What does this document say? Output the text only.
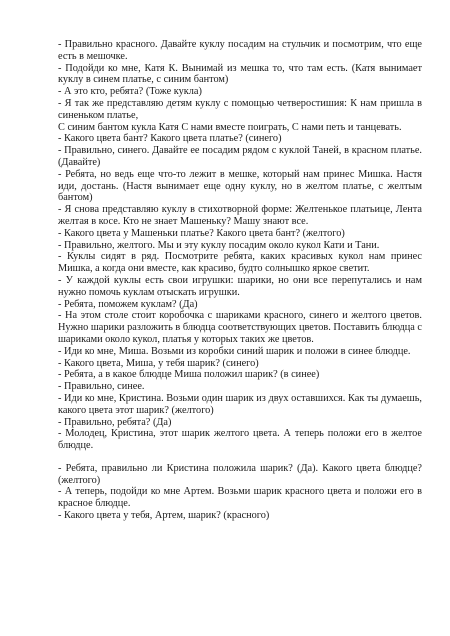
- Правильно красного. Давайте куклу посадим на стульчик и посмотрим, что еще есть в мешочке.

- Подойди ко мне, Катя К. Вынимай из мешка то, что там есть. (Катя вынимает куклу в синем платье, с синим бантом)

- А это кто, ребята? (Тоже кукла)

- Я так же представляю детям куклу с помощью четверостишия: К нам пришла в синеньком платье,

С синим бантом кукла Катя С нами вместе поиграть, С нами петь и танцевать.

- Какого цвета бант? Какого цвета платье? (синего)

- Правильно, синего. Давайте ее посадим рядом с куклой Таней, в красном платье. (Давайте)

- Ребята, но ведь еще что-то лежит в мешке, который нам принес Мишка. Настя иди, достань. (Настя вынимает еще одну куклу, но в желтом платье, с желтым бантом)

- Я снова представляю куклу в стихотворной форме: Желтенькое платьице, Лента желтая в косе. Кто не знает Машеньку? Машу знают все.

- Какого цвета у Машеньки платье? Какого цвета бант? (желтого)

- Правильно, желтого. Мы и эту куклу посадим около кукол Кати и Тани.

- Куклы сидят в ряд. Посмотрите ребята, каких красивых кукол нам принес Мишка, а когда они вместе, как красиво, будто солнышко яркое светит.

- У каждой куклы есть свои игрушки: шарики, но они все перепутались и нам нужно помочь куклам отыскать игрушки.

- Ребята, поможем куклам? (Да)

- На этом столе стоит коробочка с шариками красного, синего и желтого цветов. Нужно шарики разложить в блюдца соответствующих цветов. Поставить блюдца с шариками около кукол, платья у которых таких же цветов.

- Иди ко мне, Миша. Возьми из коробки синий шарик и положи в синее блюдце.

- Какого цвета, Миша, у тебя шарик? (синего)

- Ребята, а в какое блюдце Миша положил шарик? (в синее)

- Правильно, синее.

- Иди ко мне, Кристина. Возьми один шарик из двух оставшихся. Как ты думаешь, какого цвета этот шарик? (желтого)

- Правильно, ребята? (Да)

- Молодец, Кристина, этот шарик желтого цвета. А теперь положи его в желтое блюдце.

- Ребята, правильно ли Кристина положила шарик? (Да). Какого цвета блюдце? (желтого)

- А теперь, подойди ко мне Артем. Возьми шарик красного цвета и положи его в красное блюдце.

- Какого цвета у тебя, Артем, шарик? (красного)
